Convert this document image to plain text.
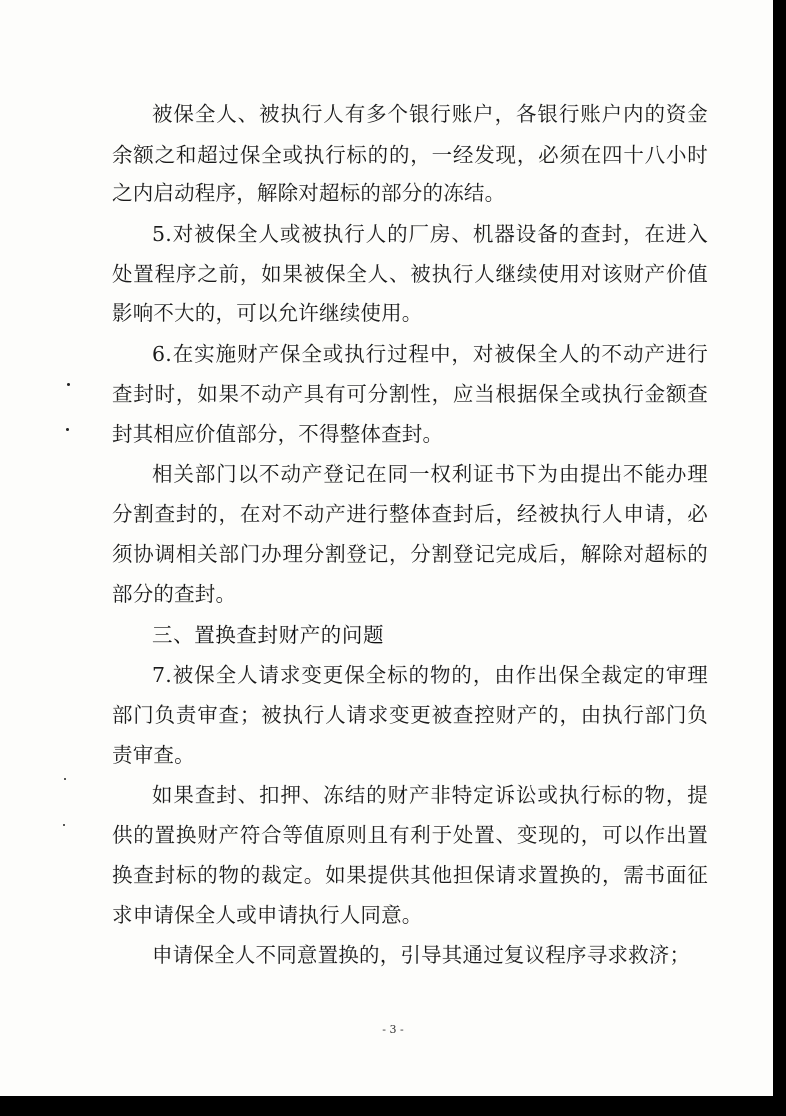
被保全人、被执行人有多个银行账户，各银行账户内的资金
余额之和超过保全或执行标的的，一经发现，必须在四十八小时
之内启动程序，解除对超标的部分的冻结。
5.对被保全人或被执行人的厂房、机器设备的查封，在进入
处置程序之前，如果被保全人、被执行人继续使用对该财产价值
影响不大的，可以允许继续使用。
6.在实施财产保全或执行过程中，对被保全人的不动产进行
查封时，如果不动产具有可分割性，应当根据保全或执行金额查
封其相应价值部分，不得整体查封。
相关部门以不动产登记在同一权利证书下为由提出不能办理
分割查封的，在对不动产进行整体查封后，经被执行人申请，必
须协调相关部门办理分割登记，分割登记完成后，解除对超标的
部分的查封。
三、置换查封财产的问题
7.被保全人请求变更保全标的物的，由作出保全裁定的审理
部门负责审查；被执行人请求变更被查控财产的，由执行部门负
责审查。
如果查封、扣押、冻结的财产非特定诉讼或执行标的物，提
供的置换财产符合等值原则且有利于处置、变现的，可以作出置
换查封标的物的裁定。如果提供其他担保请求置换的，需书面征
求申请保全人或申请执行人同意。
申请保全人不同意置换的，引导其通过复议程序寻求救济；
- 3 -
